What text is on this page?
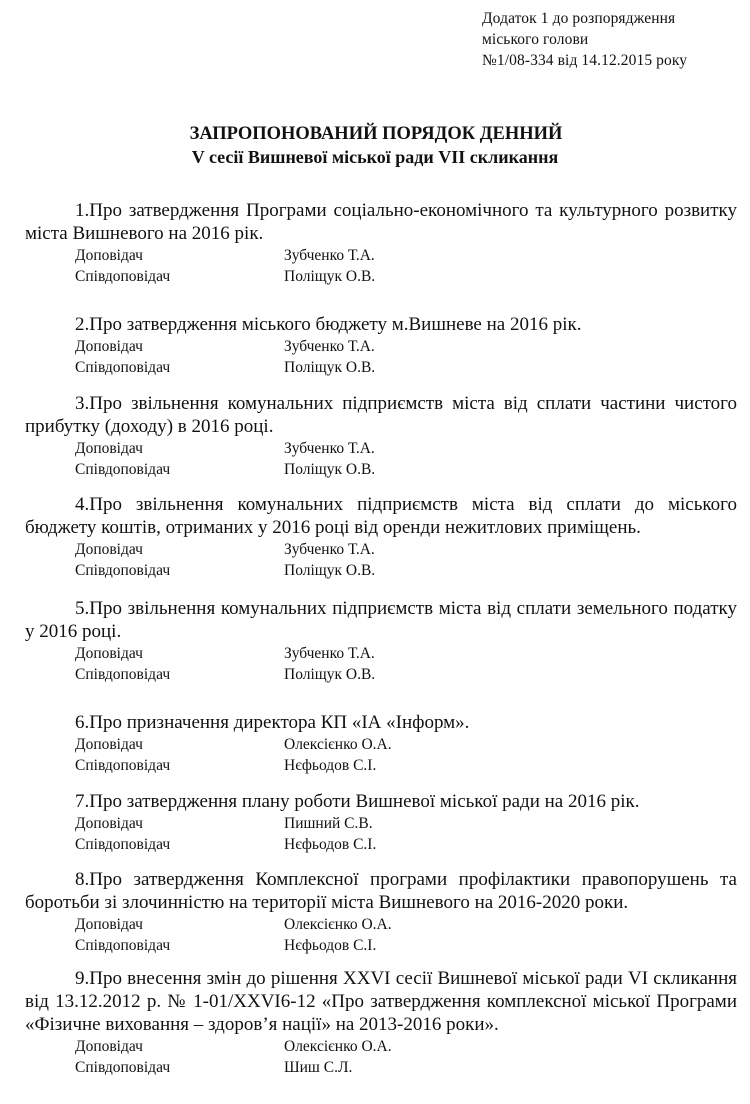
Додаток 1 до розпорядження
міського голови
№1/08-334 від 14.12.2015 року
ЗАПРОПОНОВАНИЙ ПОРЯДОК ДЕННИЙ
V сесії Вишневої міської ради VII скликання

1.Про затвердження Програми соціально-економічного та культурного розвитку міста Вишневого на 2016 рік.

Доповідач	Зубченко Т.А.
Співдоповідач	Поліщук О.В.

2.Про затвердження міського бюджету м.Вишневе на 2016 рік.

Доповідач	Зубченко Т.А.
Співдоповідач	Поліщук О.В.

3.Про звільнення комунальних підприємств міста від сплати частини чистого прибутку (доходу) в 2016 році.

Доповідач	Зубченко Т.А.
Співдоповідач	Поліщук О.В.

4.Про звільнення комунальних підприємств міста від сплати до міського бюджету коштів, отриманих у 2016 році від оренди нежитлових приміщень.

Доповідач	Зубченко Т.А.
Співдоповідач	Поліщук О.В.

5.Про звільнення комунальних підприємств міста від сплати земельного податку у 2016 році.

Доповідач	Зубченко Т.А.
Співдоповідач	Поліщук О.В.

6.Про призначення директора КП «ІА «Інформ».

Доповідач	Олексієнко О.А.
Співдоповідач	Нєфьодов С.І.

7.Про затвердження плану роботи Вишневої міської ради на 2016 рік.

Доповідач	Пишний С.В.
Співдоповідач	Нєфьодов С.І.

8.Про затвердження Комплексної програми профілактики правопорушень та боротьби зі злочинністю на території міста Вишневого на 2016-2020 роки.

Доповідач	Олексієнко О.А.
Співдоповідач	Нєфьодов С.І.

9.Про внесення змін до рішення XXVI сесії Вишневої міської ради VI скликання від 13.12.2012 р. № 1-01/XXVI6-12 «Про затвердження комплексної міської Програми «Фізичне виховання – здоров’я нації» на 2013-2016 роки».

Доповідач	Олексієнко О.А.
Співдоповідач	Шиш С.Л.
